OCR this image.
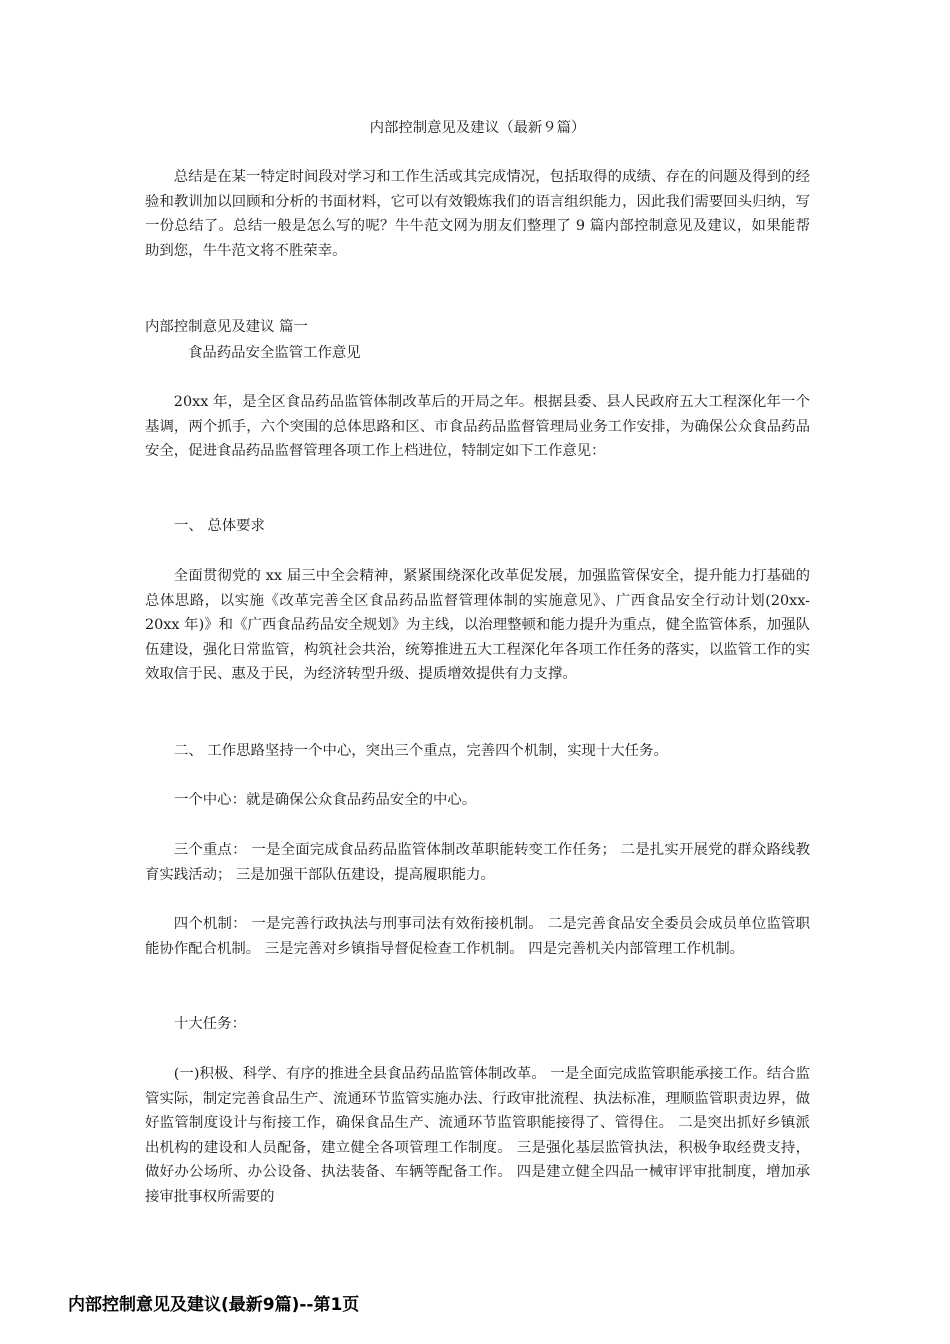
内部控制意见及建议（最新９篇）

总结是在某一特定时间段对学习和工作生活或其完成情况，包括取得的成绩、存在的问题及得到的经验和教训加以回顾和分析的书面材料，它可以有效锻炼我们的语言组织能力，因此我们需要回头归纳，写一份总结了。总结一般是怎么写的呢？牛牛范文网为朋友们整理了 9 篇内部控制意见及建议，如果能帮助到您，牛牛范文将不胜荣幸。

内部控制意见及建议 篇一

食品药品安全监管工作意见

20xx 年，是全区食品药品监管体制改革后的开局之年。根据县委、县人民政府五大工程深化年一个基调，两个抓手，六个突围的总体思路和区、市食品药品监督管理局业务工作安排，为确保公众食品药品安全，促进食品药品监督管理各项工作上档进位，特制定如下工作意见：

一、 总体要求

全面贯彻党的 xx 届三中全会精神，紧紧围绕深化改革促发展，加强监管保安全，提升能力打基础的总体思路，以实施《改革完善全区食品药品监督管理体制的实施意见》、广西食品安全行动计划(20xx-20xx 年)》和《广西食品药品安全规划》为主线，以治理整顿和能力提升为重点，健全监管体系，加强队伍建设，强化日常监管，构筑社会共治，统筹推进五大工程深化年各项工作任务的落实，以监管工作的实效取信于民、惠及于民，为经济转型升级、提质增效提供有力支撑。

二、 工作思路坚持一个中心，突出三个重点，完善四个机制，实现十大任务。

一个中心：就是确保公众食品药品安全的中心。

三个重点： 一是全面完成食品药品监管体制改革职能转变工作任务； 二是扎实开展党的群众路线教育实践活动； 三是加强干部队伍建设，提高履职能力。

四个机制： 一是完善行政执法与刑事司法有效衔接机制。 二是完善食品安全委员会成员单位监管职能协作配合机制。 三是完善对乡镇指导督促检查工作机制。 四是完善机关内部管理工作机制。

十大任务：

(一)积极、科学、有序的推进全县食品药品监管体制改革。 一是全面完成监管职能承接工作。结合监管实际，制定完善食品生产、流通环节监管实施办法、行政审批流程、执法标准，理顺监管职责边界，做好监管制度设计与衔接工作，确保食品生产、流通环节监管职能接得了、管得住。 二是突出抓好乡镇派出机构的建设和人员配备，建立健全各项管理工作制度。 三是强化基层监管执法，积极争取经费支持，做好办公场所、办公设备、执法装备、车辆等配备工作。 四是建立健全四品一械审评审批制度，增加承接审批事权所需要的

内部控制意见及建议(最新9篇)--第1页
